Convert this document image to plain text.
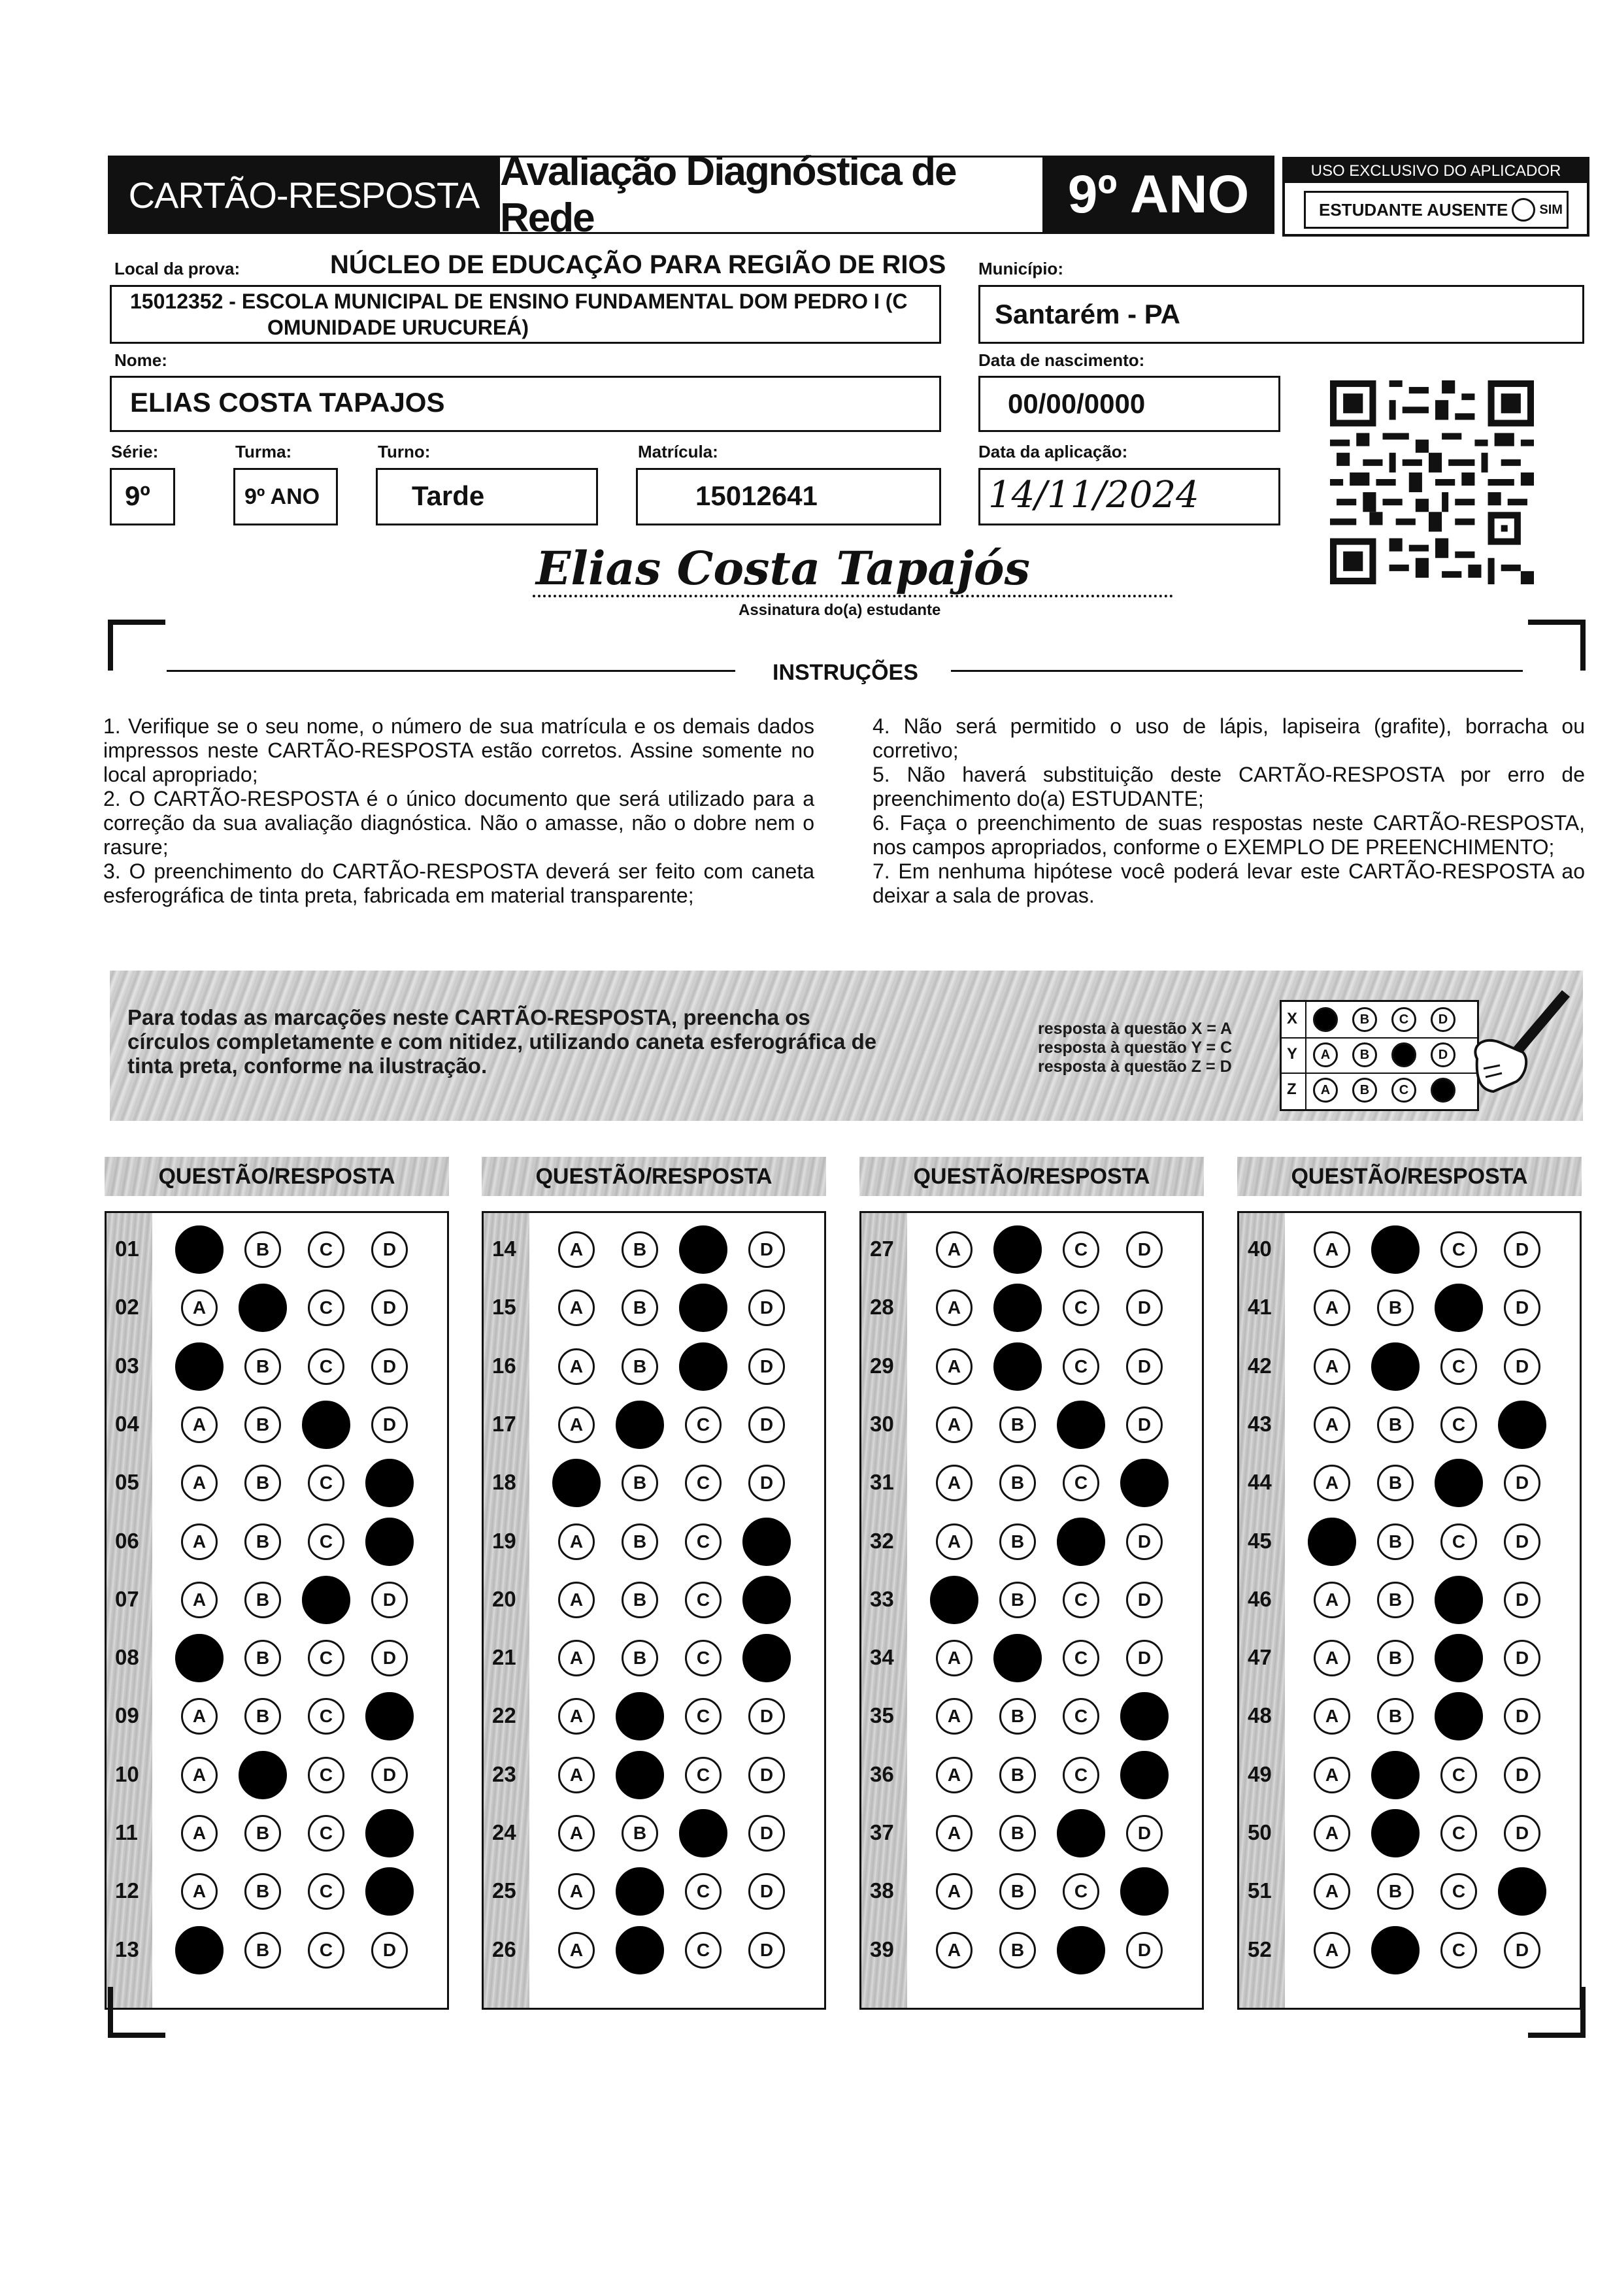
CARTÃO-RESPOSTA
Avaliação Diagnóstica de Rede	9º ANO	USO EXCLUSIVO DO APLICADOR
ESTUDANTE AUSENTE SIM
Local da prova:	NÚCLEO DE EDUCAÇÃO PARA REGIÃO DE RIOS
15012352 - ESCOLA MUNICIPAL DE ENSINO FUNDAMENTAL DOM PEDRO I (C
OMUNIDADE URUCUREÁ)
Município:
Santarém - PA
Nome:
ELIAS COSTA TAPAJOS
Data de nascimento:
00/00/0000
Série:
9º
Turma:
9º ANO
Turno:
Tarde
Matrícula:
15012641
Data da aplicação:
14/11/2024
Elias Costa Tapajós
Assinatura do(a) estudante
INSTRUÇÕES

1. Verifique se o seu nome, o número de sua matrícula e os demais dados impressos neste CARTÃO-RESPOSTA estão corretos. Assine somente no local apropriado;

2. O CARTÃO-RESPOSTA é o único documento que será utilizado para a correção da sua avaliação diagnóstica. Não o amasse, não o dobre nem o rasure;

3. O preenchimento do CARTÃO-RESPOSTA deverá ser feito com caneta esferográfica de tinta preta, fabricada em material transparente;

4. Não será permitido o uso de lápis, lapiseira (grafite), borracha ou corretivo;

5. Não haverá substituição deste CARTÃO-RESPOSTA por erro de preenchimento do(a) ESTUDANTE;

6. Faça o preenchimento de suas respostas neste CARTÃO-RESPOSTA, nos campos apropriados, conforme o EXEMPLO DE PREENCHIMENTO;

7. Em nenhuma hipótese você poderá levar este CARTÃO-RESPOSTA ao deixar a sala de provas.

Para todas as marcações neste CARTÃO-RESPOSTA, preencha os círculos completamente e com nitidez, utilizando caneta esferográfica de tinta preta, conforme na ilustração.
resposta à questão X = A
resposta à questão Y = C
resposta à questão Z = D
X	B	C	D
Y	A	B	D
Z	A	B	C
QUESTÃO/RESPOSTA
01	B	C	D
02	A	C	D
03	B	C	D
04	A	B	D
05	A	B	C
06	A	B	C
07	A	B	D
08	B	C	D
09	A	B	C
10	A	C	D
11	A	B	C
12	A	B	C
13	B	C	D
QUESTÃO/RESPOSTA
14	A	B	D
15	A	B	D
16	A	B	D
17	A	C	D
18	B	C	D
19	A	B	C
20	A	B	C
21	A	B	C
22	A	C	D
23	A	C	D
24	A	B	D
25	A	C	D
26	A	C	D
QUESTÃO/RESPOSTA
27	A	C	D
28	A	C	D
29	A	C	D
30	A	B	D
31	A	B	C
32	A	B	D
33	B	C	D
34	A	C	D
35	A	B	C
36	A	B	C
37	A	B	D
38	A	B	C
39	A	B	D
QUESTÃO/RESPOSTA
40	A	C	D
41	A	B	D
42	A	C	D
43	A	B	C
44	A	B	D
45	B	C	D
46	A	B	D
47	A	B	D
48	A	B	D
49	A	C	D
50	A	C	D
51	A	B	C
52	A	C	D
